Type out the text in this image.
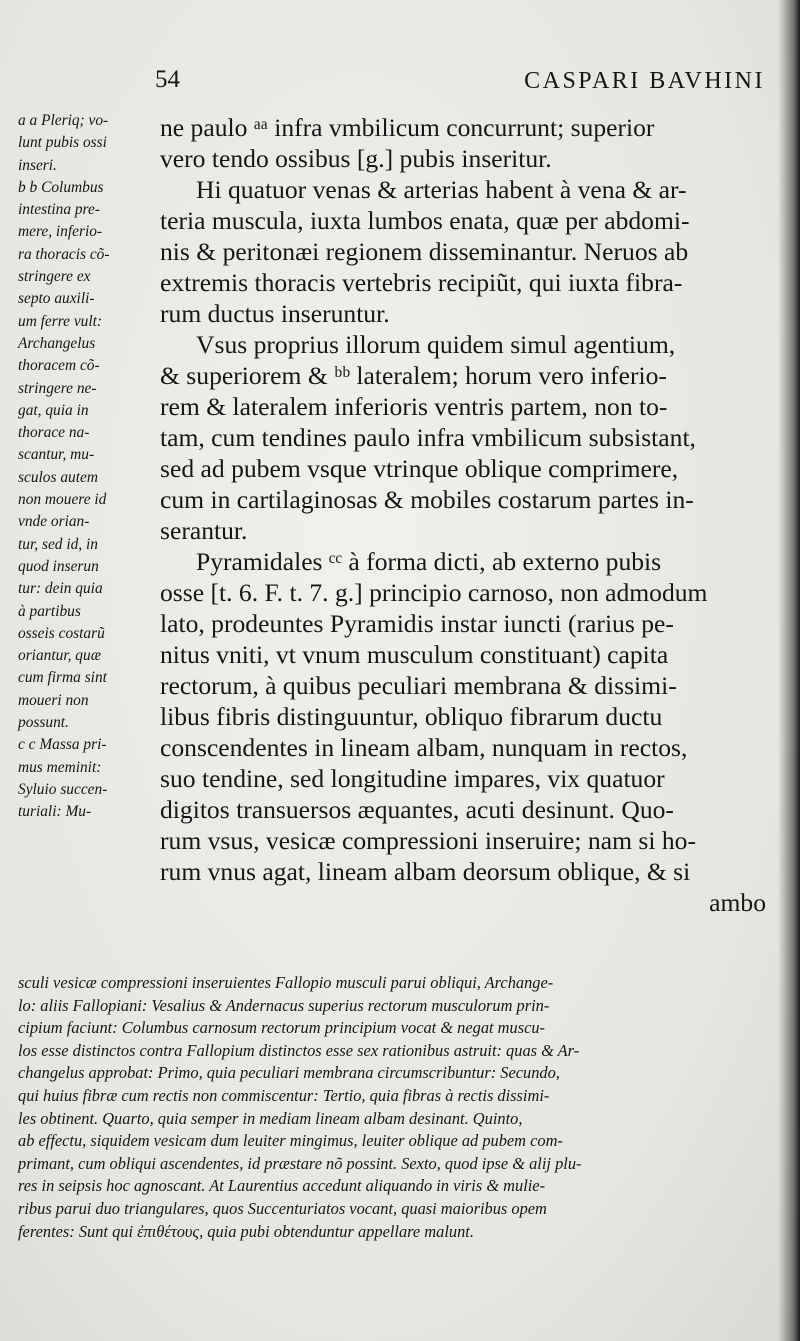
54	CASPARI BAVHINI
a a Pleriq; vo-
lunt pubis ossi
inseri.
b b Columbus
intestina pre-
mere, inferio-
ra thoracis cõ-
stringere ex
septo auxili-
um ferre vult:
Archangelus
thoracem cõ-
stringere ne-
gat, quia in
thorace na-
scantur, mu-
sculos autem
non mouere id
vnde orian-
tur, sed id, in
quod inserun
tur: dein quia
à partibus
osseis costarũ
oriantur, quæ
cum firma sint
moueri non
possunt.
c c Massa pri-
mus meminit:
Syluio succen-
turiali: Mu-
ne paulo ᵃᵃ infra vmbilicum concurrunt; superior
vero tendo ossibus [g.] pubis inseritur.
Hi quatuor venas & arterias habent à vena & ar-
teria muscula, iuxta lumbos enata, quæ per abdomi-
nis & peritonæi regionem disseminantur. Neruos ab
extremis thoracis vertebris recipiũt, qui iuxta fibra-
rum ductus inseruntur.
Vsus proprius illorum quidem simul agentium,
& superiorem & ᵇᵇ lateralem; horum vero inferio-
rem & lateralem inferioris ventris partem, non to-
tam, cum tendines paulo infra vmbilicum subsistant,
sed ad pubem vsque vtrinque oblique comprimere,
cum in cartilaginosas & mobiles costarum partes in-
serantur.
Pyramidales ᶜᶜ à forma dicti, ab externo pubis
osse [t. 6. F. t. 7. g.] principio carnoso, non admodum
lato, prodeuntes Pyramidis instar iuncti (rarius pe-
nitus vniti, vt vnum musculum constituant) capita
rectorum, à quibus peculiari membrana & dissimi-
libus fibris distinguuntur, obliquo fibrarum ductu
conscendentes in lineam albam, nunquam in rectos,
suo tendine, sed longitudine impares, vix quatuor
digitos transuersos æquantes, acuti desinunt. Quo-
rum vsus, vesicæ compressioni inseruire; nam si ho-
rum vnus agat, lineam albam deorsum oblique, & si
ambo
sculi vesicæ compressioni inseruientes Fallopio musculi parui obliqui, Archange-
lo: aliis Fallopiani: Vesalius & Andernacus superius rectorum musculorum prin-
cipium faciunt: Columbus carnosum rectorum principium vocat & negat muscu-
los esse distinctos contra Fallopium distinctos esse sex rationibus astruit: quas & Ar-
changelus approbat: Primo, quia peculiari membrana circumscribuntur: Secundo,
qui huius fibræ cum rectis non commiscentur: Tertio, quia fibras à rectis dissimi-
les obtinent. Quarto, quia semper in mediam lineam albam desinant. Quinto,
ab effectu, siquidem vesicam dum leuiter mingimus, leuiter oblique ad pubem com-
primant, cum obliqui ascendentes, id præstare nõ possint. Sexto, quod ipse & alij plu-
res in seipsis hoc agnoscant. At Laurentius accedunt aliquando in viris & mulie-
ribus parui duo triangulares, quos Succenturiatos vocant, quasi maioribus opem
ferentes: Sunt qui ἐπιθέτους, quia pubi obtenduntur appellare malunt.
